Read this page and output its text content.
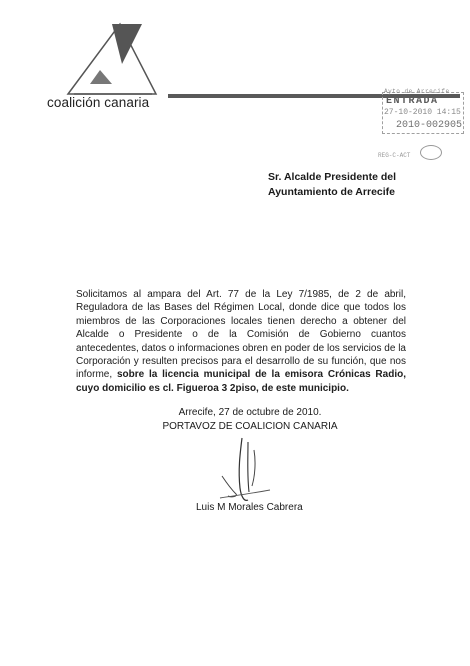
coalición canaria
Ayto de Arrecife
ENTRADA
27-10-2010 14:15
2010-002905
REG-C-ACT
Sr. Alcalde Presidente del
Ayuntamiento de Arrecife
Solicitamos al ampara del Art. 77 de la Ley 7/1985, de 2 de abril, Reguladora de las Bases del Régimen Local, donde dice que todos los miembros de las Corporaciones locales tienen derecho a obtener del Alcalde o Presidente o de la Comisión de Gobierno cuantos antecedentes, datos o informaciones obren en poder de los servicios de la Corporación y resulten precisos para el desarrollo de su función, que nos informe, sobre la licencia municipal de la emisora Crónicas Radio, cuyo domicilio es cl. Figueroa 3 2piso, de este municipio.
Arrecife, 27 de octubre de 2010.
PORTAVOZ DE COALICION CANARIA
Luis M Morales Cabrera
